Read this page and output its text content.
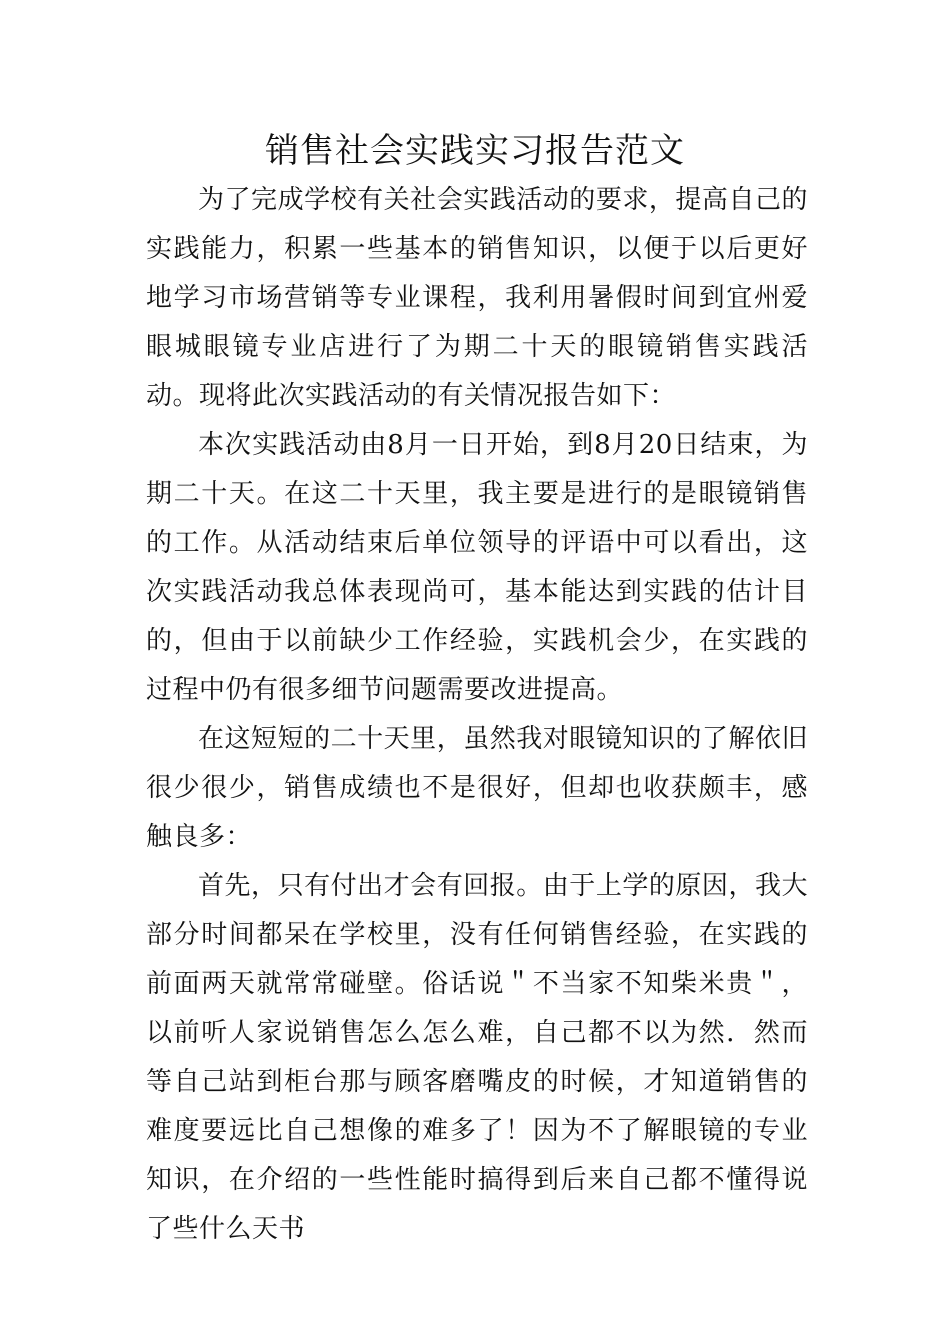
销售社会实践实习报告范文

为了完成学校有关社会实践活动的要求，提高自己的实践能力，积累一些基本的销售知识，以便于以后更好地学习市场营销等专业课程，我利用暑假时间到宜州爱眼城眼镜专业店进行了为期二十天的眼镜销售实践活动。现将此次实践活动的有关情况报告如下：

本次实践活动由8月一日开始，到8月20日结束，为期二十天。在这二十天里，我主要是进行的是眼镜销售的工作。从活动结束后单位领导的评语中可以看出，这次实践活动我总体表现尚可，基本能达到实践的估计目的，但由于以前缺少工作经验，实践机会少，在实践的过程中仍有很多细节问题需要改进提高。

在这短短的二十天里，虽然我对眼镜知识的了解依旧很少很少，销售成绩也不是很好，但却也收获颇丰，感触良多：

首先，只有付出才会有回报。由于上学的原因，我大部分时间都呆在学校里，没有任何销售经验，在实践的前面两天就常常碰壁。俗话说＂不当家不知柴米贵＂，以前听人家说销售怎么怎么难，自己都不以为然．然而等自己站到柜台那与顾客磨嘴皮的时候，才知道销售的难度要远比自己想像的难多了！因为不了解眼镜的专业知识，在介绍的一些性能时搞得到后来自己都不懂得说了些什么天书
